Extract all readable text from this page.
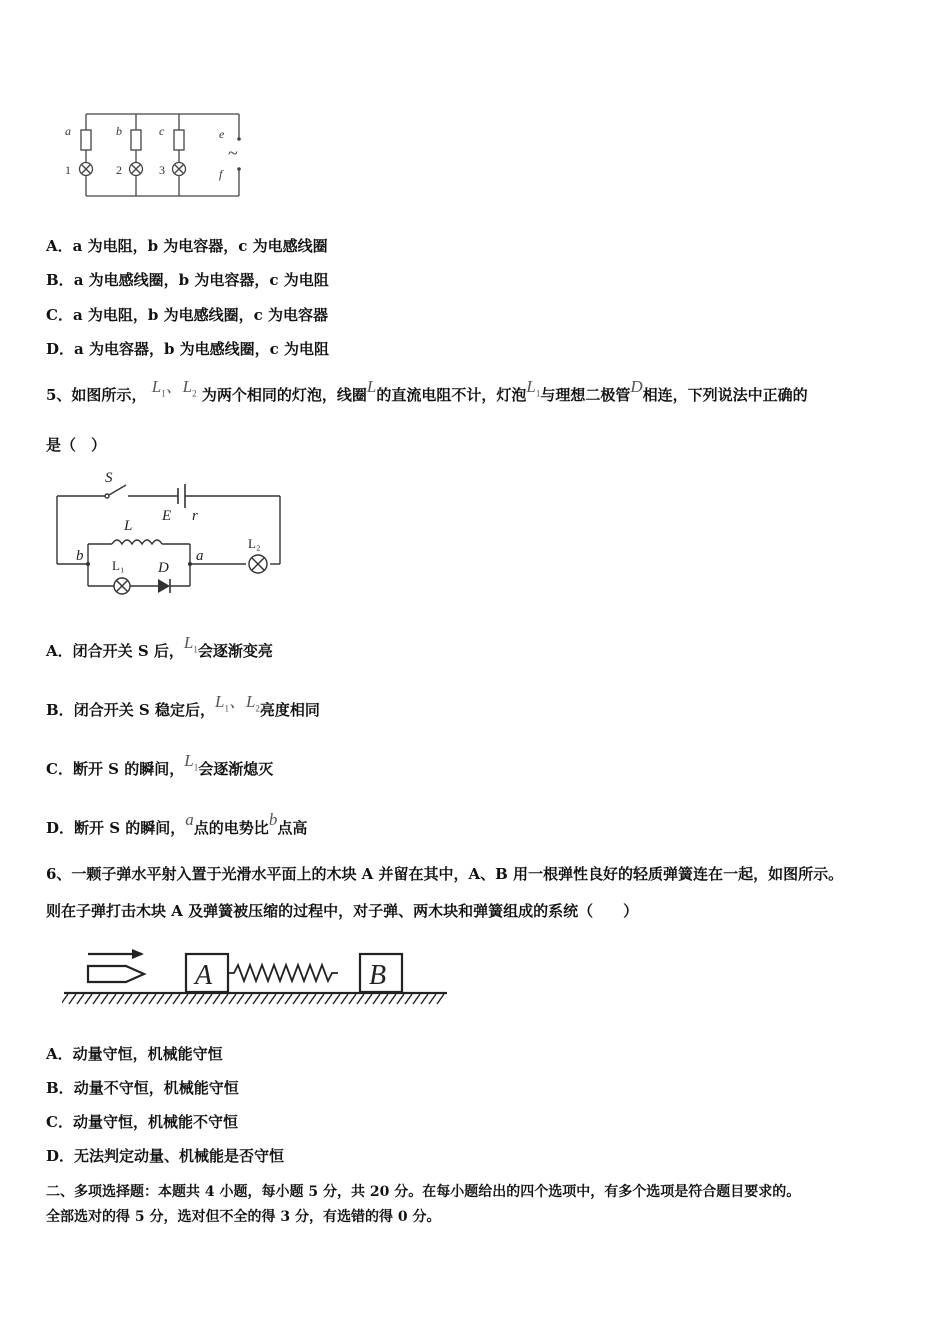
a	b	c	e
f
1	2	3
~
A．a 为电阻，b 为电容器，c 为电感线圈
B．a 为电感线圈，b 为电容器，c 为电阻
C．a 为电阻，b 为电感线圈，c 为电容器
D．a 为电容器，b 为电感线圈，c 为电阻
5、如图所示， $L_1$、$L_2$ 为两个相同的灯泡，线圈L的直流电阻不计，灯泡$L_1$与理想二极管D相连，下列说法中正确的
是（　）
S
L
E r
b	a
D
L₁
L₂
A．闭合开关 S 后，$L_1$会逐渐变亮
B．闭合开关 S 稳定后，$L_1$、$L_2$亮度相同
C．断开 S 的瞬间，$L_1$会逐渐熄灭
D．断开 S 的瞬间，a点的电势比b点高
6、一颗子弹水平射入置于光滑水平面上的木块 A 并留在其中，A、B 用一根弹性良好的轻质弹簧连在一起，如图所示。
则在子弹打击木块 A 及弹簧被压缩的过程中，对子弹、两木块和弹簧组成的系统（　　）
A	B
A．动量守恒，机械能守恒
B．动量不守恒，机械能守恒
C．动量守恒，机械能不守恒
D．无法判定动量、机械能是否守恒
二、多项选择题：本题共 4 小题，每小题 5 分，共 20 分。在每小题给出的四个选项中，有多个选项是符合题目要求的。
全部选对的得 5 分，选对但不全的得 3 分，有选错的得 0 分。
